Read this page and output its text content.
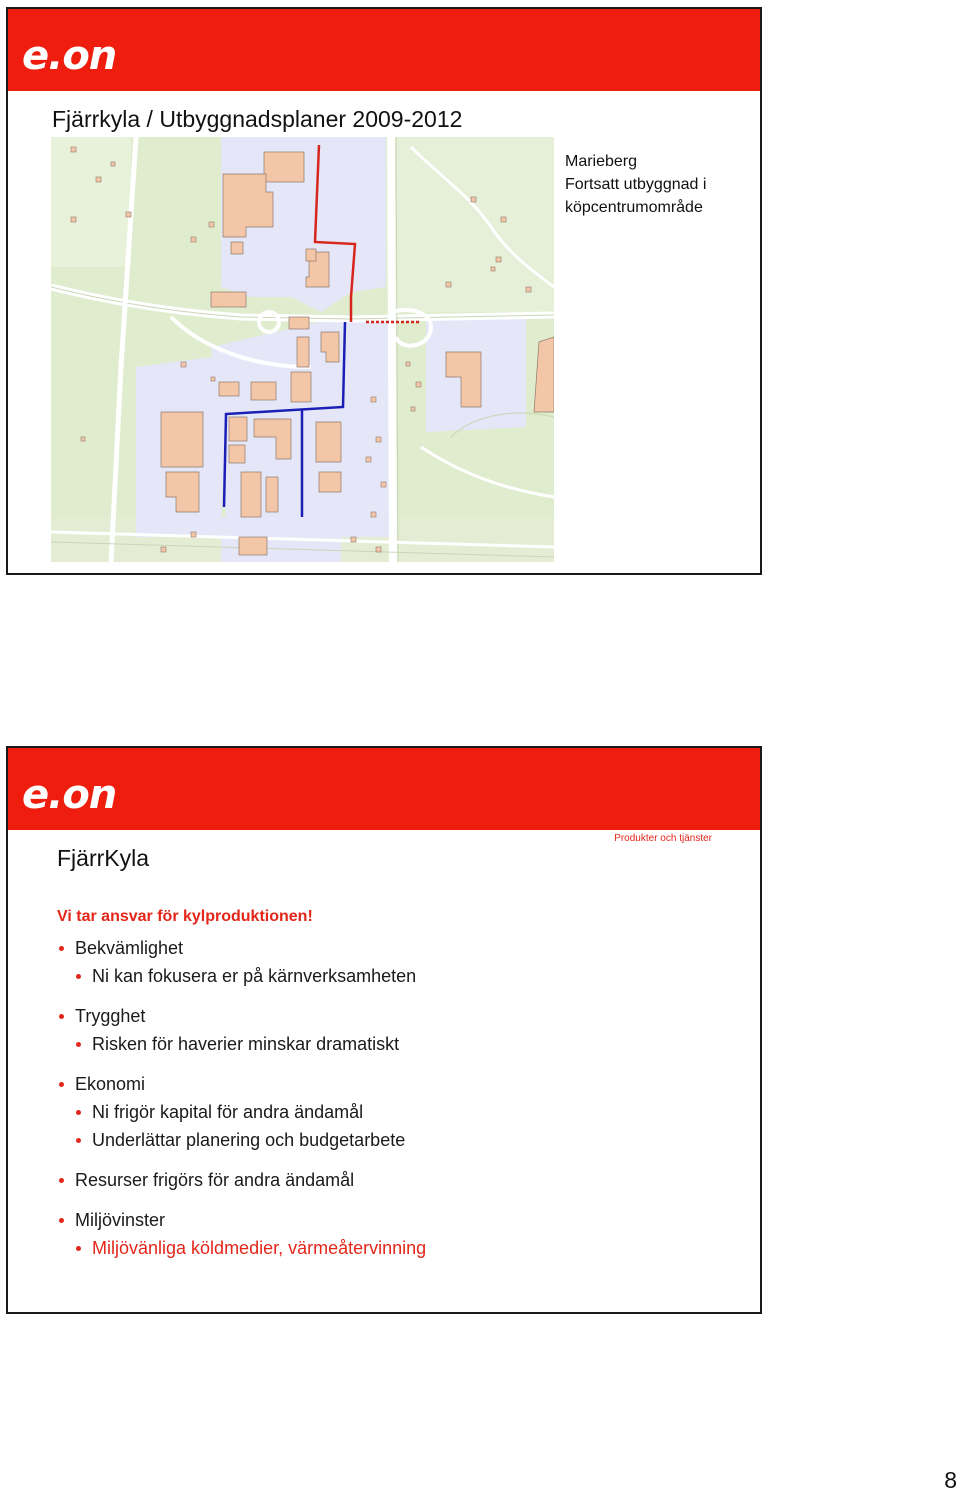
e.on
Fjärrkyla / Utbyggnadsplaner 2009-2012
Marieberg
Fortsatt utbyggnad i
köpcentrumområde
e.on
FjärrKyla
Produkter och tjänster
Vi tar ansvar för kylproduktionen!
Bekvämlighet
Ni kan fokusera er på kärnverksamheten
Trygghet
Risken för haverier minskar dramatiskt
Ekonomi
Ni frigör kapital för andra ändamål
Underlättar planering och budgetarbete
Resurser frigörs för andra ändamål
Miljövinster
Miljövänliga köldmedier, värmeåtervinning
8
